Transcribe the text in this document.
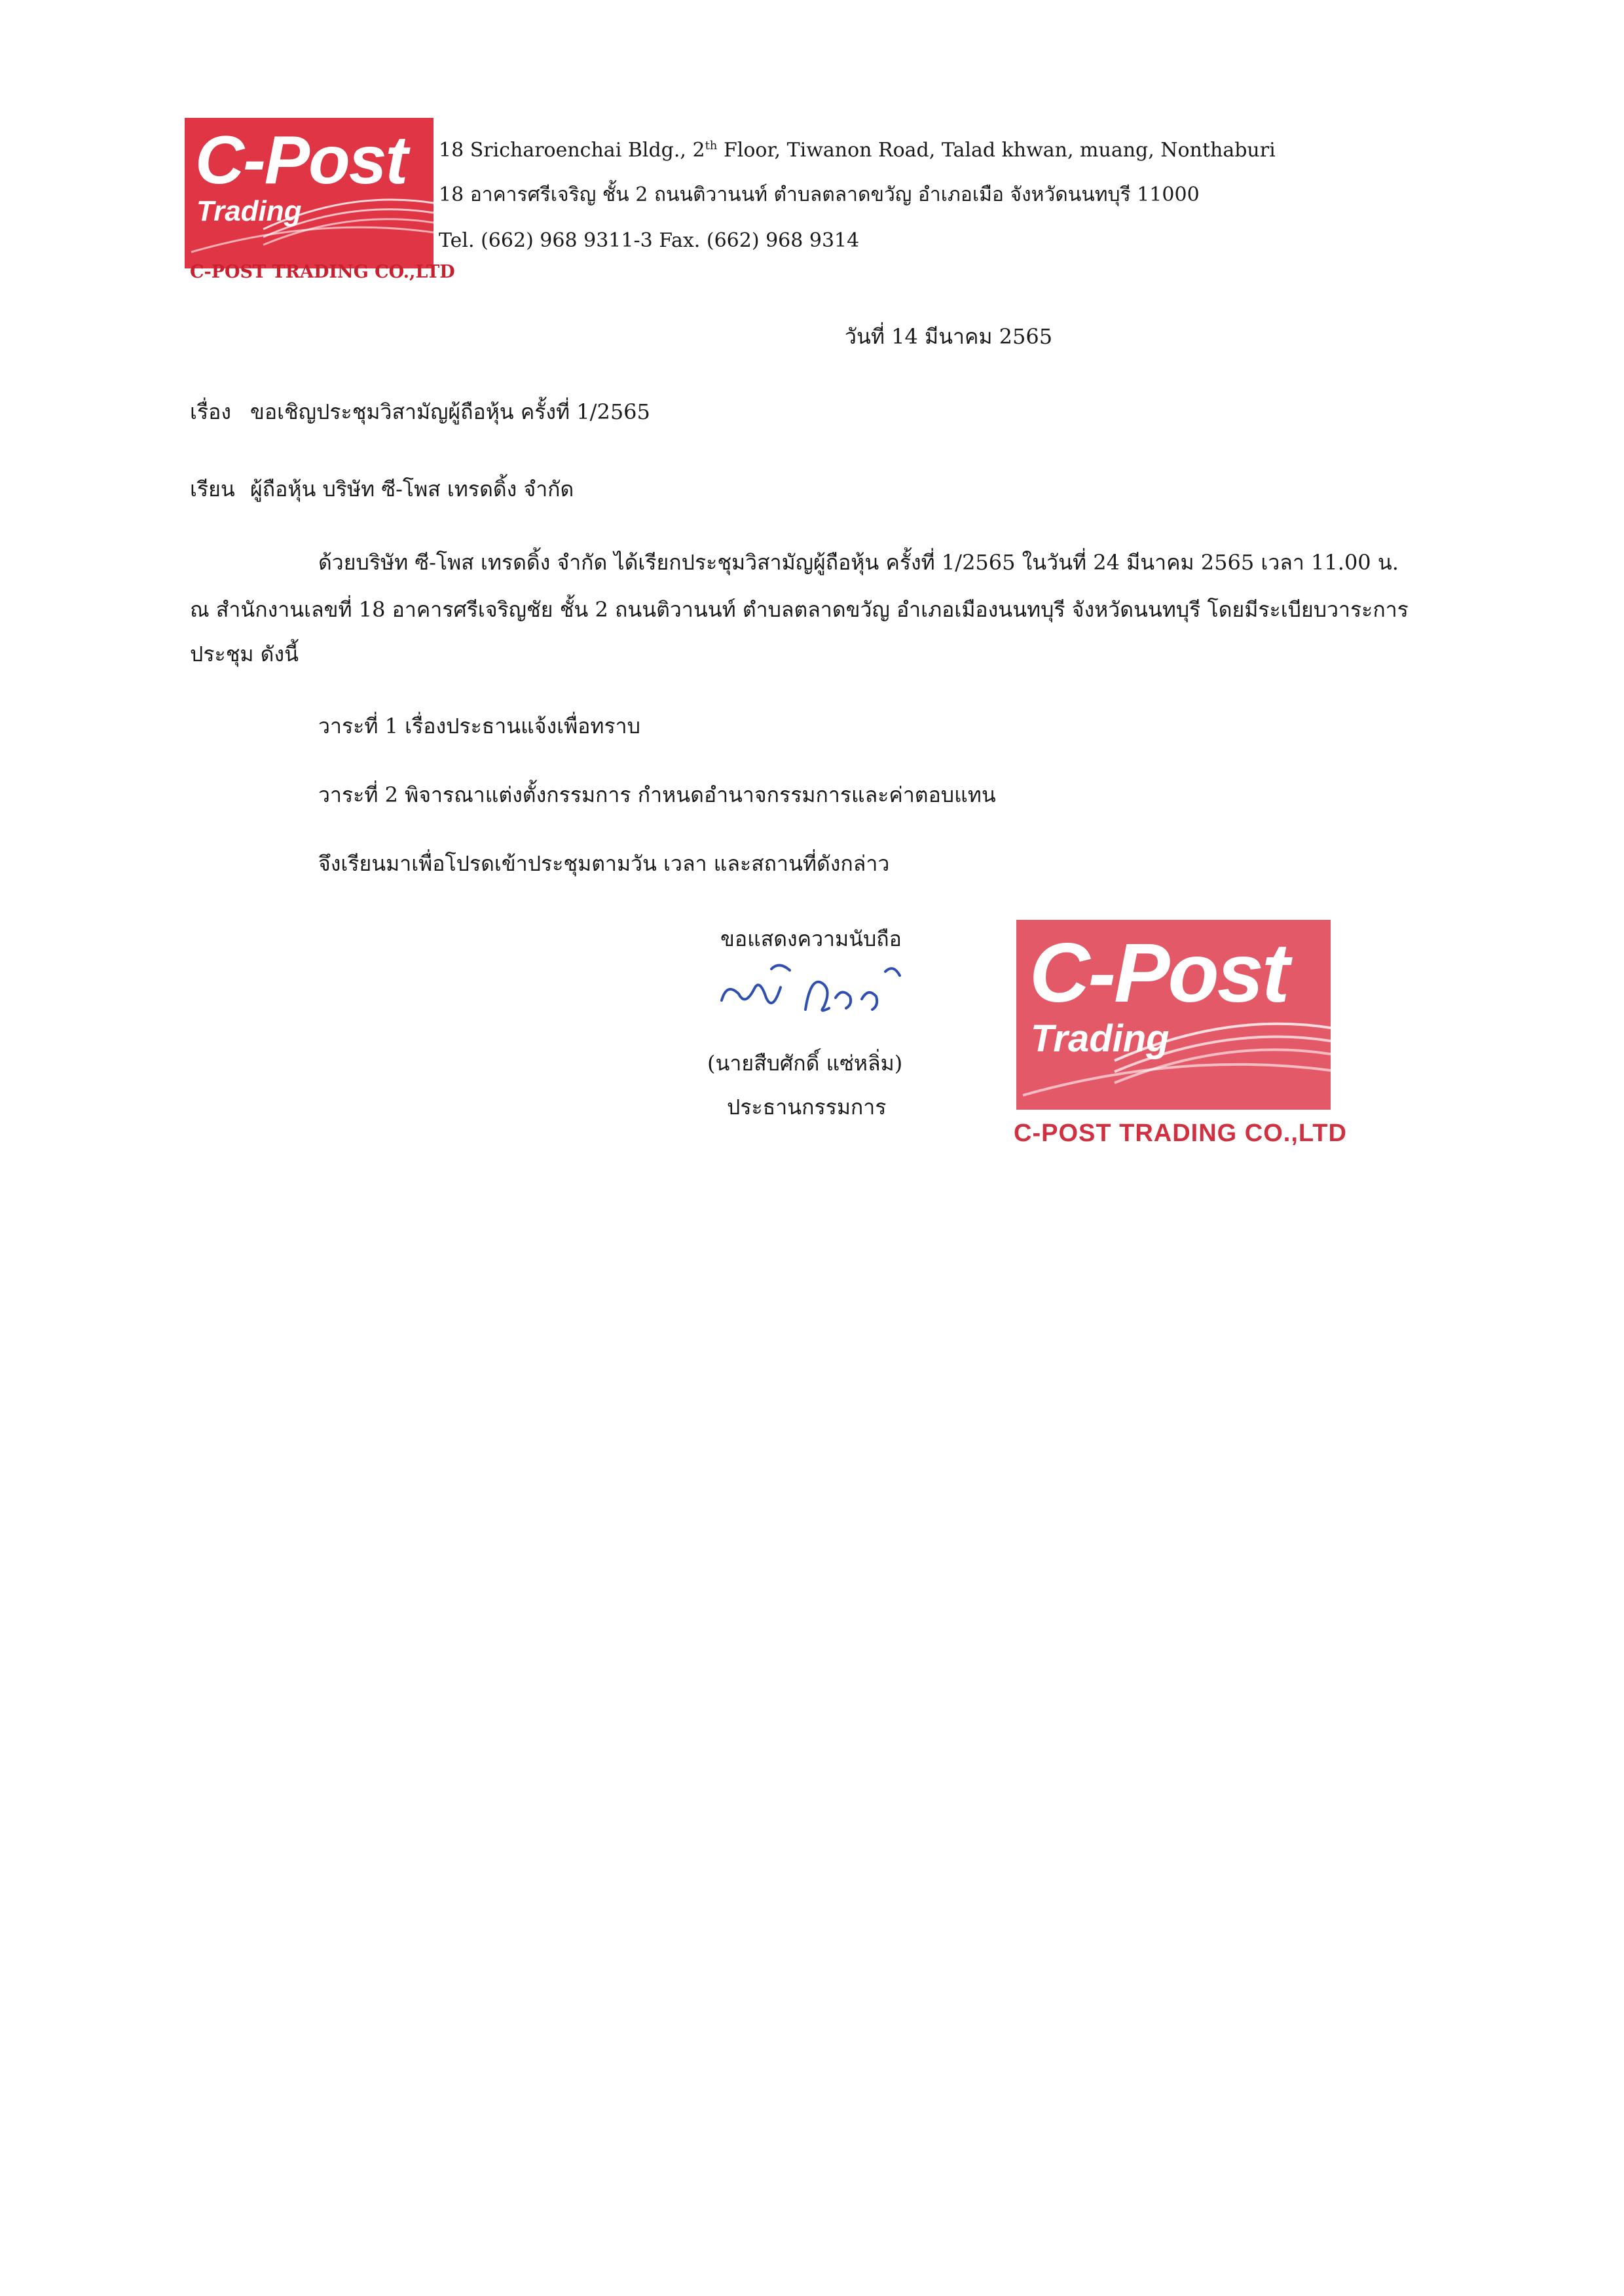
C-Post
Trading
C-POST TRADING CO.,LTD
18 Sricharoenchai Bldg., 2th Floor, Tiwanon Road, Talad khwan, muang, Nonthaburi
18 อาคารศรีเจริญ ชั้น 2 ถนนติวานนท์ ตำบลตลาดขวัญ อำเภอเมือ จังหวัดนนทบุรี 11000
Tel. (662) 968 9311-3 Fax. (662) 968 9314
วันที่ 14 มีนาคม 2565
เรื่อง ขอเชิญประชุมวิสามัญผู้ถือหุ้น ครั้งที่ 1/2565
เรียน ผู้ถือหุ้น บริษัท ซี-โพส เทรดดิ้ง จำกัด
ด้วยบริษัท ซี-โพส เทรดดิ้ง จำกัด ได้เรียกประชุมวิสามัญผู้ถือหุ้น ครั้งที่ 1/2565 ในวันที่ 24 มีนาคม 2565 เวลา 11.00 น.
ณ สำนักงานเลขที่ 18 อาคารศรีเจริญชัย ชั้น 2 ถนนติวานนท์ ตำบลตลาดขวัญ อำเภอเมืองนนทบุรี จังหวัดนนทบุรี โดยมีระเบียบวาระการ
ประชุม ดังนี้
วาระที่ 1 เรื่องประธานแจ้งเพื่อทราบ
วาระที่ 2 พิจารณาแต่งตั้งกรรมการ กำหนดอำนาจกรรมการและค่าตอบแทน
จึงเรียนมาเพื่อโปรดเข้าประชุมตามวัน เวลา และสถานที่ดังกล่าว
ขอแสดงความนับถือ
(นายสืบศักดิ์ แซ่หลิ่ม)
ประธานกรรมการ
C-Post
Trading
C-POST TRADING CO.,LTD
